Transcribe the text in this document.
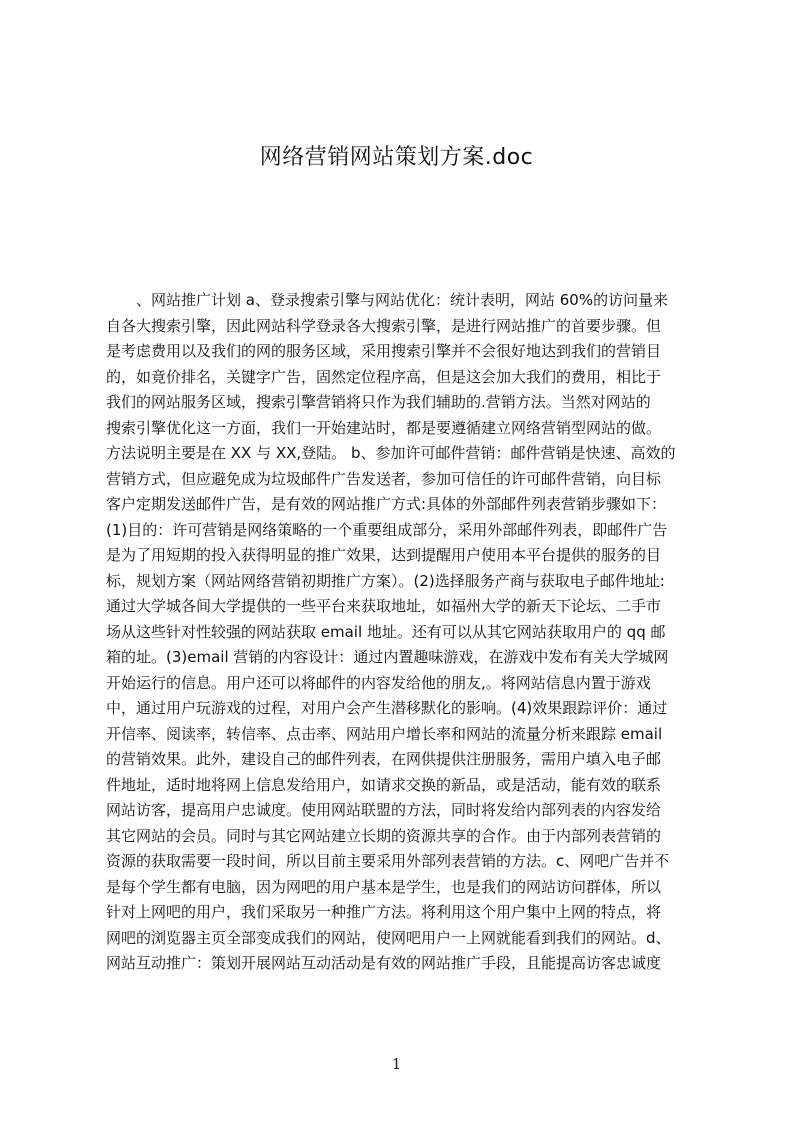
网络营销网站策划方案.doc
、网站推广计划 a、登录搜索引擎与网站优化：统计表明，网站 60%的访问量来
自各大搜索引擎，因此网站科学登录各大搜索引擎，是进行网站推广的首要步骤。但
是考虑费用以及我们的网的服务区域，采用搜索引擎并不会很好地达到我们的营销目
的，如竟价排名，关键字广告，固然定位程序高，但是这会加大我们的费用，相比于
我们的网站服务区域，搜索引擎营销将只作为我们辅助的.营销方法。当然对网站的
搜索引擎优化这一方面，我们一开始建站时，都是要遵循建立网络营销型网站的做。
方法说明主要是在 XX 与 XX,登陆。 b、参加许可邮件营销：邮件营销是快速、高效的
营销方式，但应避免成为垃圾邮件广告发送者，参加可信任的许可邮件营销，向目标
客户定期发送邮件广告，是有效的网站推广方式:具体的外部邮件列表营销步骤如下：
(1)目的：许可营销是网络策略的一个重要组成部分，采用外部邮件列表，即邮件广告
是为了用短期的投入获得明显的推广效果，达到提醒用户使用本平台提供的服务的目
标，规划方案（网站网络营销初期推广方案）。(2)选择服务产商与获取电子邮件地址:
通过大学城各间大学提供的一些平台来获取地址，如福州大学的新天下论坛、二手市
场从这些针对性较强的网站获取 email 地址。还有可以从其它网站获取用户的 qq 邮
箱的址。(3)email 营销的内容设计：通过内置趣味游戏，在游戏中发布有关大学城网
开始运行的信息。用户还可以将邮件的内容发给他的朋友,。将网站信息内置于游戏
中，通过用户玩游戏的过程，对用户会产生潜移默化的影响。(4)效果跟踪评价：通过
开信率、阅读率，转信率、点击率、网站用户增长率和网站的流量分析来跟踪 email
的营销效果。此外，建设自己的邮件列表，在网供提供注册服务，需用户填入电子邮
件地址，适时地将网上信息发给用户，如请求交换的新品，或是活动，能有效的联系
网站访客，提高用户忠诚度。使用网站联盟的方法，同时将发给内部列表的内容发给
其它网站的会员。同时与其它网站建立长期的资源共享的合作。由于内部列表营销的
资源的获取需要一段时间，所以目前主要采用外部列表营销的方法。c、网吧广告并不
是每个学生都有电脑，因为网吧的用户基本是学生，也是我们的网站访问群体，所以
针对上网吧的用户，我们采取另一种推广方法。将利用这个用户集中上网的特点，将
网吧的浏览器主页全部变成我们的网站，使网吧用户一上网就能看到我们的网站。d、
网站互动推广：策划开展网站互动活动是有效的网站推广手段，且能提高访客忠诚度
1
